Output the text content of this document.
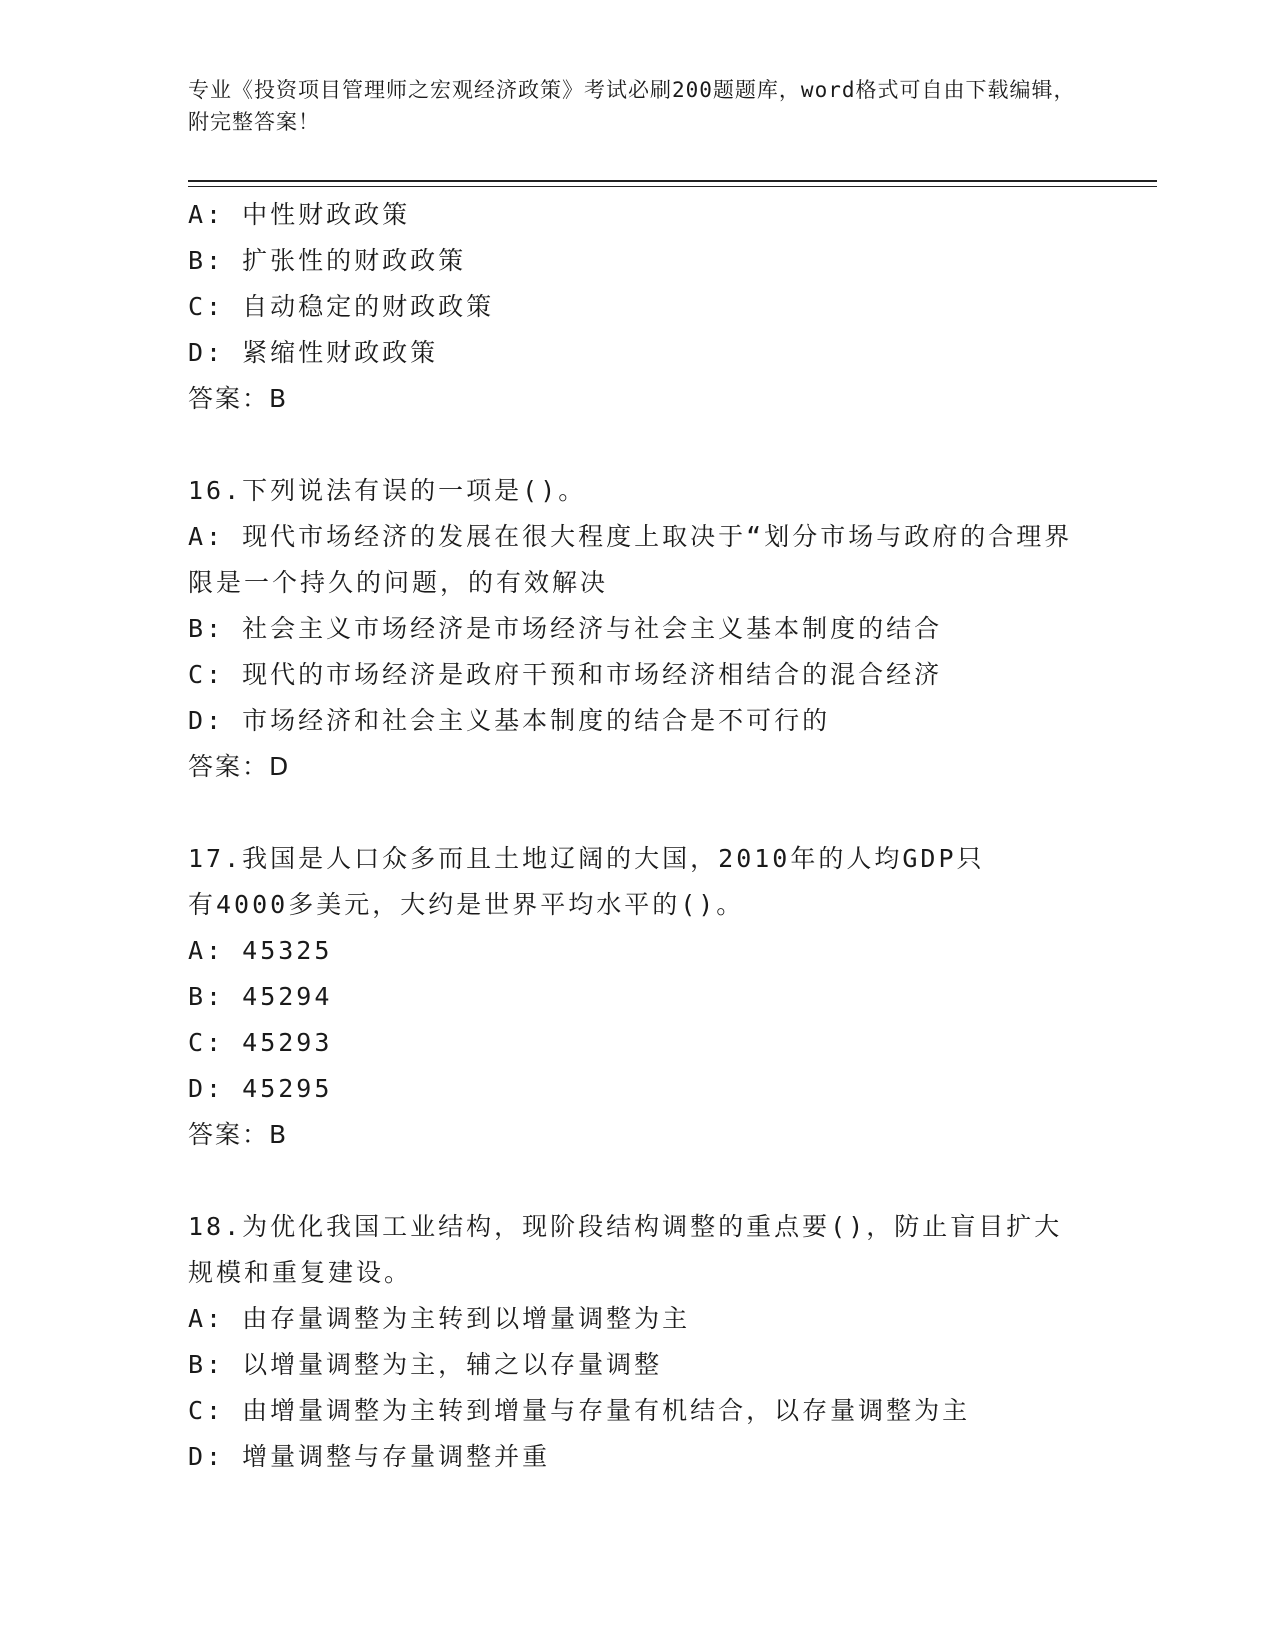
专业《投资项目管理师之宏观经济政策》考试必刷200题题库，word格式可自由下载编辑，附完整答案！
A: 中性财政政策
B: 扩张性的财政政策
C: 自动稳定的财政政策
D: 紧缩性财政政策
答案：B
16.下列说法有误的一项是()。
A: 现代市场经济的发展在很大程度上取决于“划分市场与政府的合理界限是一个持久的问题，的有效解决
B: 社会主义市场经济是市场经济与社会主义基本制度的结合
C: 现代的市场经济是政府干预和市场经济相结合的混合经济
D: 市场经济和社会主义基本制度的结合是不可行的
答案：D
17.我国是人口众多而且土地辽阔的大国，2010年的人均GDP只有4000多美元，大约是世界平均水平的()。
A: 45325
B: 45294
C: 45293
D: 45295
答案：B
18.为优化我国工业结构，现阶段结构调整的重点要()，防止盲目扩大规模和重复建设。
A: 由存量调整为主转到以增量调整为主
B: 以增量调整为主，辅之以存量调整
C: 由增量调整为主转到增量与存量有机结合，以存量调整为主
D: 增量调整与存量调整并重
